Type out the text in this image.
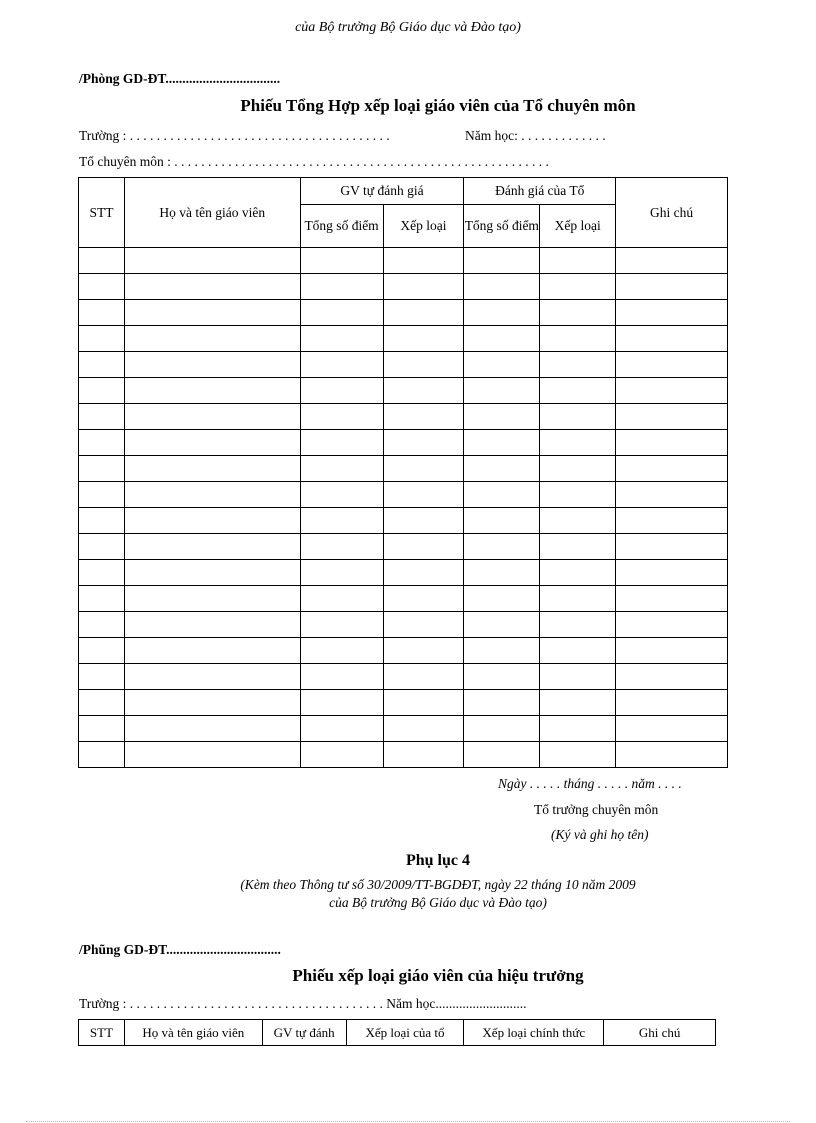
của Bộ trưởng Bộ Giáo dục và Đào tạo)
/Phòng GD-ĐT..................................
Phiếu Tổng Hợp xếp loại giáo viên của Tổ chuyên môn
Trường : . . . . . . . . . . . . . . . . . . . . . . . . . . . . . . . . . . . . . . .	Năm học: . . . . . . . . . . . . .
Tổ chuyên môn : . . . . . . . . . . . . . . . . . . . . . . . . . . . . . . . . . . . . . . . . . . . . . . . . . . . . . . . .
STT	Họ và tên giáo viên	GV tự đánh giá		Đánh giá của Tổ		Ghi chú
		Tổng số điểm	Xếp loại	Tổng số điểm	Xếp loại	

Ngày . . . . . tháng . . . . . năm . . . .
Tổ trưởng chuyên môn
(Ký và ghi họ tên)
Phụ lục 4
(Kèm theo Thông tư số 30/2009/TT-BGDĐT, ngày 22 tháng 10 năm 2009
của Bộ trưởng Bộ Giáo dục và Đào tạo)
/Phũng GD-ĐT..................................
Phiếu xếp loại giáo viên của hiệu trưởng
Trường : . . . . . . . . . . . . . . . . . . . . . . . . . . . . . . . . . . . . . . Năm học...........................
STT	Họ và tên giáo viên	GV tự đánh	Xếp loại của tổ	Xếp loại chính thức	Ghi chú
